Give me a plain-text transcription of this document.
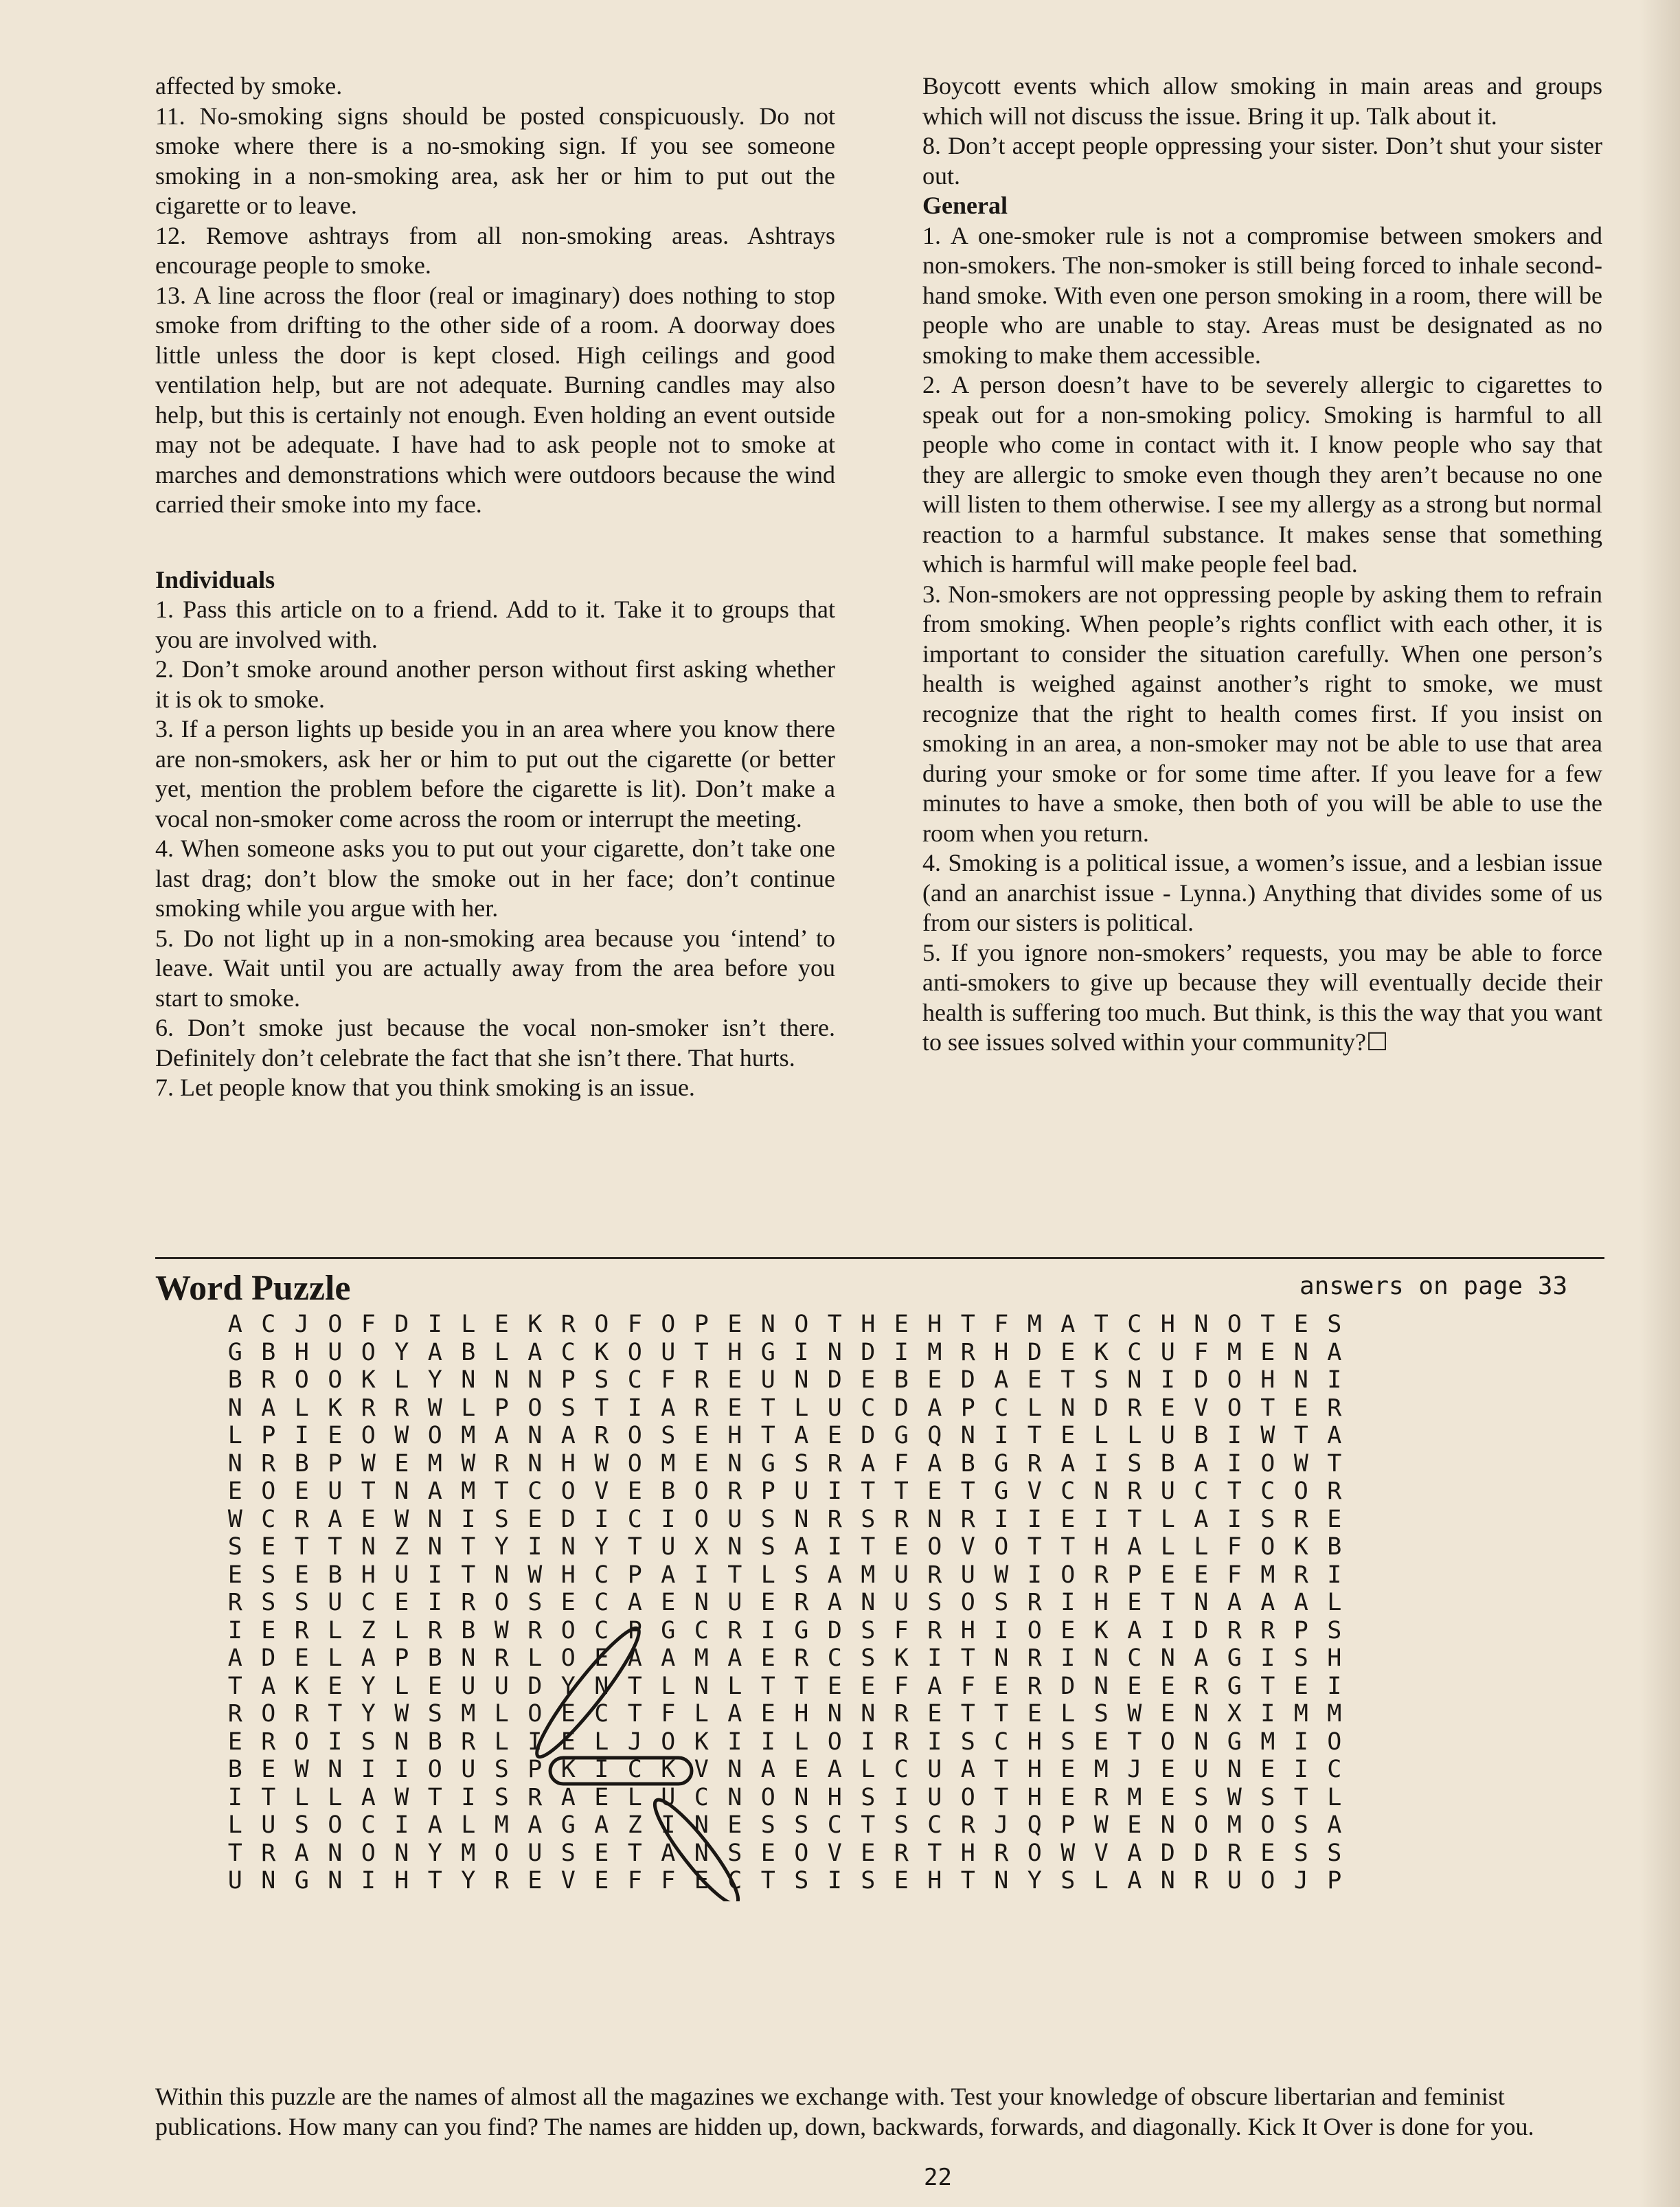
affected by smoke.

11. No-smoking signs should be posted conspicuously. Do not smoke where there is a no-smoking sign. If you see someone smoking in a non-smoking area, ask her or him to put out the cigarette or to leave.

12. Remove ashtrays from all non-smoking areas. Ashtrays encourage people to smoke.

13. A line across the floor (real or imaginary) does nothing to stop smoke from drifting to the other side of a room. A doorway does little unless the door is kept closed. High ceilings and good ventilation help, but are not adequate. Burning candles may also help, but this is certainly not enough. Even holding an event outside may not be adequate. I have had to ask people not to smoke at marches and demonstrations which were outdoors because the wind carried their smoke into my face.

Individuals

1. Pass this article on to a friend. Add to it. Take it to groups that you are involved with.

2. Don’t smoke around another person without first asking whether it is ok to smoke.

3. If a person lights up beside you in an area where you know there are non-smokers, ask her or him to put out the cigarette (or better yet, mention the problem before the cigarette is lit). Don’t make a vocal non-smoker come across the room or interrupt the meeting.

4. When someone asks you to put out your cigarette, don’t take one last drag; don’t blow the smoke out in her face; don’t continue smoking while you argue with her.

5. Do not light up in a non-smoking area because you ‘intend’ to leave. Wait until you are actually away from the area before you start to smoke.

6. Don’t smoke just because the vocal non-smoker isn’t there. Definitely don’t celebrate the fact that she isn’t there. That hurts.

7. Let people know that you think smoking is an issue.

Boycott events which allow smoking in main areas and groups which will not discuss the issue. Bring it up. Talk about it.

8. Don’t accept people oppressing your sister. Don’t shut your sister out.

General

1. A one-smoker rule is not a compromise between smokers and non-smokers. The non-smoker is still being forced to inhale second-hand smoke. With even one person smoking in a room, there will be people who are unable to stay. Areas must be designated as no smoking to make them accessible.

2. A person doesn’t have to be severely allergic to cigarettes to speak out for a non-smoking policy. Smoking is harmful to all people who come in contact with it. I know people who say that they are allergic to smoke even though they aren’t because no one will listen to them otherwise. I see my allergy as a strong but normal reaction to a harmful substance. It makes sense that something which is harmful will make people feel bad.

3. Non-smokers are not oppressing people by asking them to refrain from smoking. When people’s rights conflict with each other, it is important to consider the situation carefully. When one person’s health is weighed against another’s right to smoke, we must recognize that the right to health comes first. If you insist on smoking in an area, a non-smoker may not be able to use that area during your smoke or for some time after. If you leave for a few minutes to have a smoke, then both of you will be able to use the room when you return.

4. Smoking is a political issue, a women’s issue, and a lesbian issue (and an anarchist issue - Lynna.) Anything that divides some of us from our sisters is political.

5. If you ignore non-smokers’ requests, you may be able to force anti-smokers to give up because they will eventually decide their health is suffering too much. But think, is this the way that you want to see issues solved within your community?☐

Word Puzzle	answers on page 33
A C J O F D I L E K R O F O P E N O T H E H T F M A T C H N O T E S
G B H U O Y A B L A C K O U T H G I N D I M R H D E K C U F M E N A
B R O O K L Y N N N P S C F R E U N D E B E D A E T S N I D O H N I
N A L K R R W L P O S T I A R E T L U C D A P C L N D R E V O T E R
L P I E O W O M A N A R O S E H T A E D G Q N I T E L L U B I W T A
N R B P W E M W R N H W O M E N G S R A F A B G R A I S B A I O W T
E O E U T N A M T C O V E B O R P U I T T E T G V C N R U C T C O R
W C R A E W N I S E D I C I O U S N R S R N R I I E I T L A I S R E
S E T T N Z N T Y I N Y T U X N S A I T E O V O T T H A L L F O K B
E S E B H U I T N W H C P A I T L S A M U R U W I O R P E E F M R I
R S S U C E I R O S E C A E N U E R A N U S O S R I H E T N A A A L
I E R L Z L R B W R O C P G C R I G D S F R H I O E K A I D R R P S
A D E L A P B N R L O E A A M A E R C S K I T N R I N C N A G I S H
T A K E Y L E U U D Y N T L N L T T E E F A F E R D N E E R G T E I
R O R T Y W S M L O E C T F L A E H N N R E T T E L S W E N X I M M
E R O I S N B R L I E L J O K I I L O I R I S C H S E T O N G M I O
B E W N I I O U S P K I C K V N A E A L C U A T H E M J E U N E I C
I T L L A W T I S R A E L U C N O N H S I U O T H E R M E S W S T L
L U S O C I A L M A G A Z I N E S S C T S C R J Q P W E N O M O S A
T R A N O N Y M O U S E T A N S E O V E R T H R O W V A D D R E S S
U N G N I H T Y R E V E F F E C T S I S E H T N Y S L A N R U O J P

Within this puzzle are the names of almost all the magazines we exchange with. Test your knowledge of obscure libertarian and feminist publications. How many can you find? The names are hidden up, down, backwards, forwards, and diagonally. Kick It Over is done for you.

22
